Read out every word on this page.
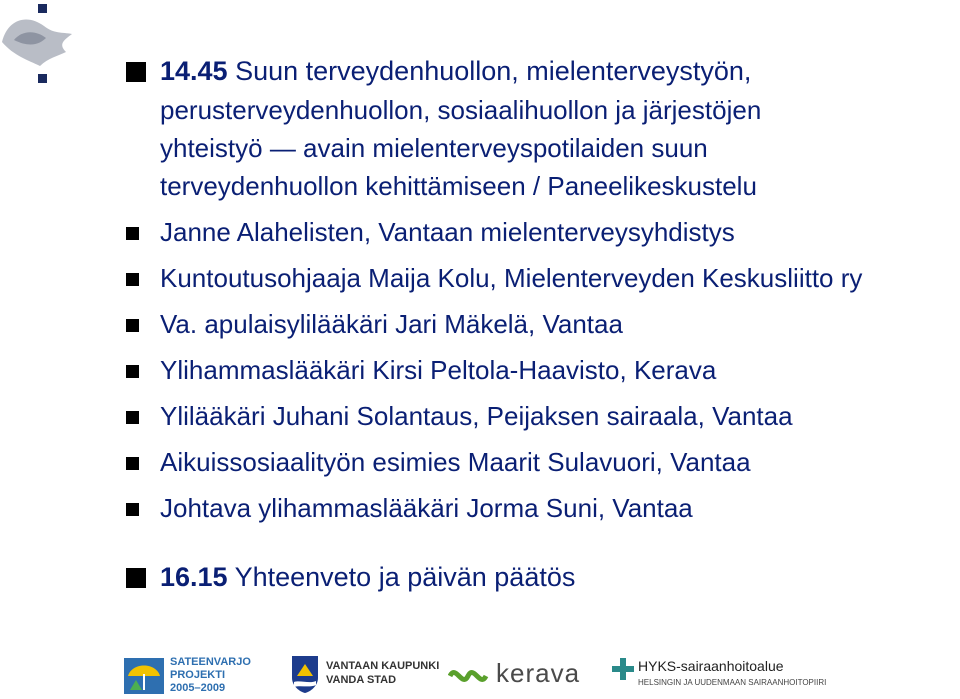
14.45 Suun terveydenhuollon, mielenterveystyön,
perusterveydenhuollon, sosiaalihuollon ja järjestöjen
yhteistyö — avain mielenterveyspotilaiden suun
terveydenhuollon kehittämiseen / Paneelikeskustelu
Janne Alahelisten, Vantaan mielenterveysyhdistys
Kuntoutusohjaaja Maija Kolu, Mielenterveyden Keskusliitto ry
Va. apulaisylilääkäri Jari Mäkelä, Vantaa
Ylihammaslääkäri Kirsi Peltola-Haavisto, Kerava
Ylilääkäri Juhani Solantaus, Peijaksen sairaala, Vantaa
Aikuissosiaalityön esimies Maarit Sulavuori, Vantaa
Johtava ylihammaslääkäri Jorma Suni, Vantaa
16.15 Yhteenveto ja päivän päätös
SATEENVARJO
PROJEKTI
2005–2009
VANTAAN KAUPUNKI
VANDA STAD	kerava	HYKS-sairaanhoitoalue
HELSINGIN JA UUDENMAAN SAIRAANHOITOPIIRI
